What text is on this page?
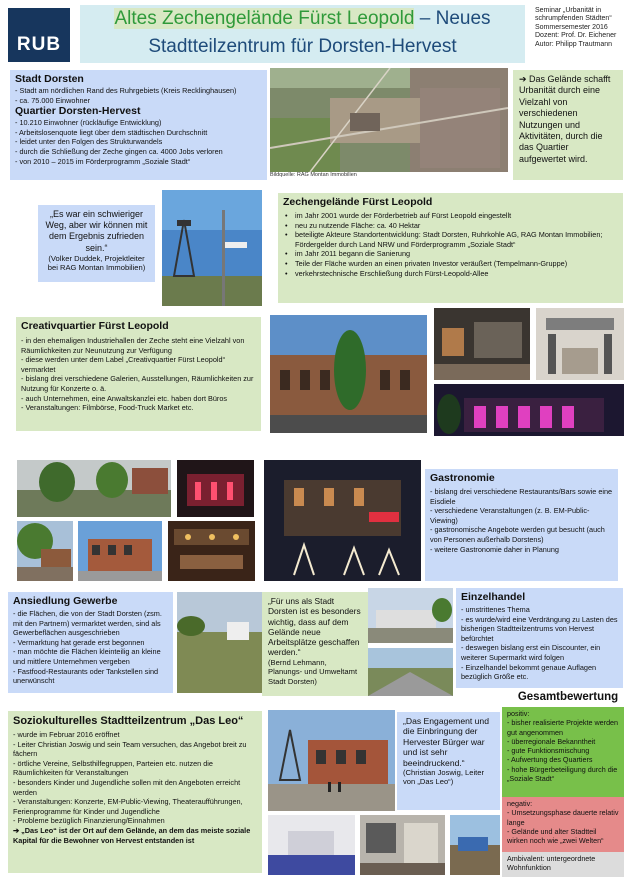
RUB
Altes Zechengelände Fürst Leopold – Neues
Stadtteilzentrum für Dorsten-Hervest
Seminar „Urbanität in
schrumpfenden Städten“
Sommersemester 2016
Dozent: Prof. Dr. Eichener
Autor: Philipp Trautmann
Stadt Dorsten
- Stadt am nördlichen Rand des Ruhrgebiets (Kreis Recklinghausen)
- ca. 75.000 Einwohner
Quartier Dorsten-Hervest
- 10.210 Einwohner (rückläufige Entwicklung)
- Arbeitslosenquote liegt über dem städtischen Durchschnitt
- leidet unter den Folgen des Strukturwandels
- durch die Schließung der Zeche gingen ca. 4000 Jobs verloren
- von 2010 – 2015 im Förderprogramm „Soziale Stadt“
Bildquelle: RAG Montan Immobilien
➔ Das Gelände schafft Urbanität durch eine Vielzahl von verschiedenen Nutzungen und Aktivitäten, durch die das Quartier aufgewertet wird.
„Es war ein schwieriger Weg, aber wir können mit dem Ergebnis zufrieden sein.“
(Volker Duddek, Projektleiter bei RAG Montan Immobilien)
Zechengelände Fürst Leopold
• im Jahr 2001 wurde der Förderbetrieb auf Fürst Leopold eingestellt
• neu zu nutzende Fläche: ca. 40 Hektar
• beteiligte Akteure Standortentwicklung: Stadt Dorsten, Ruhrkohle AG, RAG Montan Immobilien; Fördergelder durch Land NRW und Förderprogramm „Soziale Stadt“
• im Jahr 2011 begann die Sanierung
• Teile der Fläche wurden an einen privaten Investor veräußert (Tempelmann-Gruppe)
• verkehrstechnische Erschließung durch Fürst-Leopold-Allee
Creativquartier Fürst Leopold
- in den ehemaligen Industriehallen der Zeche steht eine Vielzahl von Räumlichkeiten zur Neunutzung zur Verfügung
- diese werden unter dem Label „Creativquartier Fürst Leopold“ vermarktet
- bislang drei verschiedene Galerien, Ausstellungen, Räumlichkeiten zur Nutzung für Konzerte o. ä.
- auch Unternehmen, eine Anwaltskanzlei etc. haben dort Büros
- Veranstaltungen: Filmbörse, Food-Truck Market etc.
Gastronomie
- bislang drei verschiedene Restaurants/Bars sowie eine Eisdiele
- verschiedene Veranstaltungen (z. B. EM-Public-Viewing)
- gastronomische Angebote werden gut besucht (auch von Personen außerhalb Dorstens)
- weitere Gastronomie daher in Planung
Ansiedlung Gewerbe
- die Flächen, die von der Stadt Dorsten (zsm. mit den Partnern) vermarktet werden, sind als Gewerbeflächen ausgeschrieben
- Vermarktung hat gerade erst begonnen
- man möchte die Flächen kleinteilig an kleine und mittlere Unternehmen vergeben
- Fastfood-Restaurants oder Tankstellen sind unerwünscht
„Für uns als Stadt Dorsten ist es besonders wichtig, dass auf dem Gelände neue Arbeitsplätze geschaffen werden.“
(Bernd Lehmann, Planungs- und Umweltamt Stadt Dorsten)
Einzelhandel
- umstrittenes Thema
- es wurde/wird eine Verdrängung zu Lasten des bisherigen Stadtteilzentrums von Hervest befürchtet
- deswegen bislang erst ein Discounter, ein weiterer Supermarkt wird folgen
- Einzelhandel bekommt genaue Auflagen bezüglich Größe etc.
Soziokulturelles Stadtteilzentrum „Das Leo“
- wurde im Februar 2016 eröffnet
- Leiter Christian Joswig und sein Team versuchen, das Angebot breit zu fächern
- örtliche Vereine, Selbsthilfegruppen, Parteien etc. nutzen die Räumlichkeiten für Veranstaltungen
- besonders Kinder und Jugendliche sollen mit den Angeboten erreicht werden
- Veranstaltungen: Konzerte, EM-Public-Viewing, Theateraufführungen, Ferienprogramme für Kinder und Jugendliche
- Probleme bezüglich Finanzierung/Einnahmen
➔ „Das Leo“ ist der Ort auf dem Gelände, an dem das meiste soziale Kapital für die Bewohner von Hervest entstanden ist
„Das Engagement und die Einbringung der Hervester Bürger war und ist sehr beeindruckend.“
(Christian Joswig, Leiter von „Das Leo“)
Gesamtbewertung
positiv:
- bisher realisierte Projekte werden gut angenommen
- überregionale Bekanntheit
- gute Funktionsmischung
- Aufwertung des Quartiers
- hohe Bürgerbeteiligung durch die „Soziale Stadt“
negativ:
- Umsetzungsphase dauerte relativ lange
- Gelände und alter Stadtteil wirken noch wie „zwei Welten“
Ambivalent: untergeordnete Wohnfunktion
